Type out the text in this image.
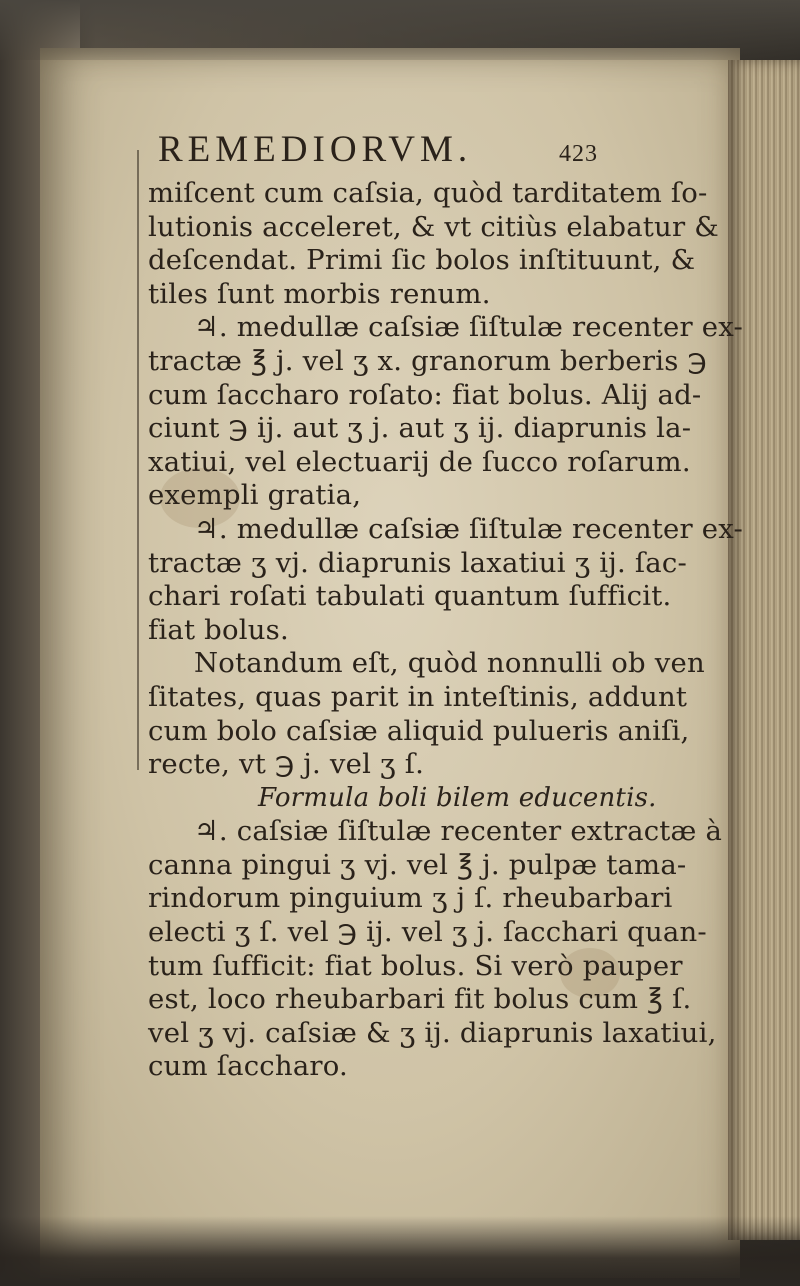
REMEDIORVM.	423
miſcent cum caſsia, quòd tarditatem ſo-
lutionis acceleret, & vt citiùs elabatur &
deſcendat. Primi ſic bolos inſtituunt, &
tiles ſunt morbis renum.
♃. medullæ caſsiæ ſiſtulæ recenter ex-
tractæ ℥ j. vel ʒ x. granorum berberis ℈
cum ſaccharo roſato: fiat bolus. Alij ad-
ciunt ℈ ij. aut ʒ j. aut ʒ ij. diaprunis la-
xatiui, vel electuarij de ſucco roſarum.
exempli gratia,
♃. medullæ caſsiæ ſiſtulæ recenter ex-
tractæ ʒ vj. diaprunis laxatiui ʒ ij. ſac-
chari roſati tabulati quantum ſufficit.
fiat bolus.
Notandum eſt, quòd nonnulli ob ven
ſitates, quas parit in inteſtinis, addunt
cum bolo caſsiæ aliquid pulueris aniſi,
recte, vt ℈ j. vel ʒ ſ.
Formula boli bilem educentis.
♃. caſsiæ ſiſtulæ recenter extractæ à
canna pingui ʒ vj. vel ℥ j. pulpæ tama-
rindorum pinguium ʒ j ſ. rheubarbari
electi ʒ ſ. vel ℈ ij. vel ʒ j. ſacchari quan-
tum ſufficit: fiat bolus. Si verò pauper
est, loco rheubarbari fit bolus cum ℥ ſ.
vel ʒ vj. caſsiæ & ʒ ij. diaprunis laxatiui,
cum ſaccharo.
